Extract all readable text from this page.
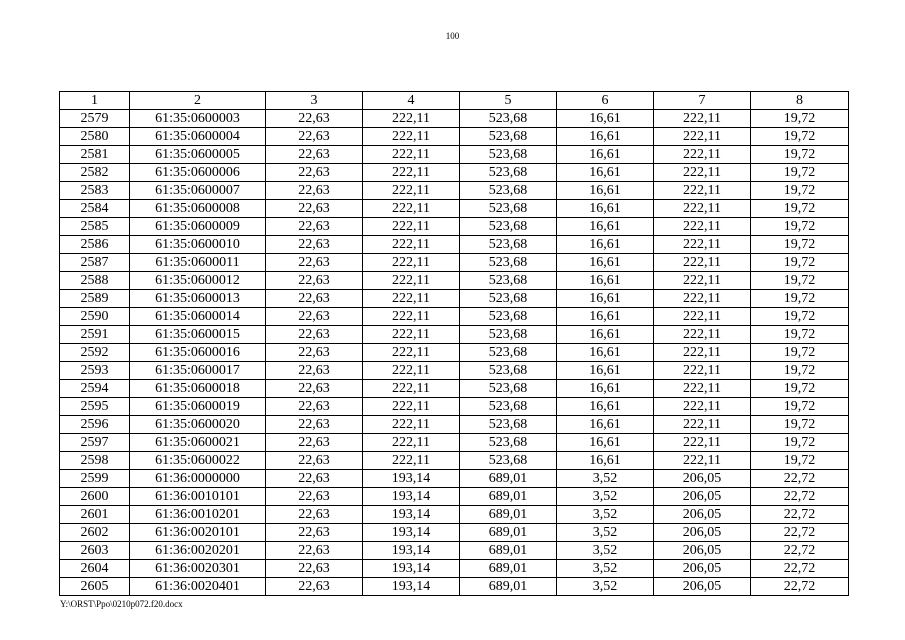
100
1	2	3	4	5	6	7	8
2579	61:35:0600003	22,63	222,11	523,68	16,61	222,11	19,72
2580	61:35:0600004	22,63	222,11	523,68	16,61	222,11	19,72
2581	61:35:0600005	22,63	222,11	523,68	16,61	222,11	19,72
2582	61:35:0600006	22,63	222,11	523,68	16,61	222,11	19,72
2583	61:35:0600007	22,63	222,11	523,68	16,61	222,11	19,72
2584	61:35:0600008	22,63	222,11	523,68	16,61	222,11	19,72
2585	61:35:0600009	22,63	222,11	523,68	16,61	222,11	19,72
2586	61:35:0600010	22,63	222,11	523,68	16,61	222,11	19,72
2587	61:35:0600011	22,63	222,11	523,68	16,61	222,11	19,72
2588	61:35:0600012	22,63	222,11	523,68	16,61	222,11	19,72
2589	61:35:0600013	22,63	222,11	523,68	16,61	222,11	19,72
2590	61:35:0600014	22,63	222,11	523,68	16,61	222,11	19,72
2591	61:35:0600015	22,63	222,11	523,68	16,61	222,11	19,72
2592	61:35:0600016	22,63	222,11	523,68	16,61	222,11	19,72
2593	61:35:0600017	22,63	222,11	523,68	16,61	222,11	19,72
2594	61:35:0600018	22,63	222,11	523,68	16,61	222,11	19,72
2595	61:35:0600019	22,63	222,11	523,68	16,61	222,11	19,72
2596	61:35:0600020	22,63	222,11	523,68	16,61	222,11	19,72
2597	61:35:0600021	22,63	222,11	523,68	16,61	222,11	19,72
2598	61:35:0600022	22,63	222,11	523,68	16,61	222,11	19,72
2599	61:36:0000000	22,63	193,14	689,01	3,52	206,05	22,72
2600	61:36:0010101	22,63	193,14	689,01	3,52	206,05	22,72
2601	61:36:0010201	22,63	193,14	689,01	3,52	206,05	22,72
2602	61:36:0020101	22,63	193,14	689,01	3,52	206,05	22,72
2603	61:36:0020201	22,63	193,14	689,01	3,52	206,05	22,72
2604	61:36:0020301	22,63	193,14	689,01	3,52	206,05	22,72
2605	61:36:0020401	22,63	193,14	689,01	3,52	206,05	22,72
Y:\ORST\Ppo\0210p072.f20.docx
